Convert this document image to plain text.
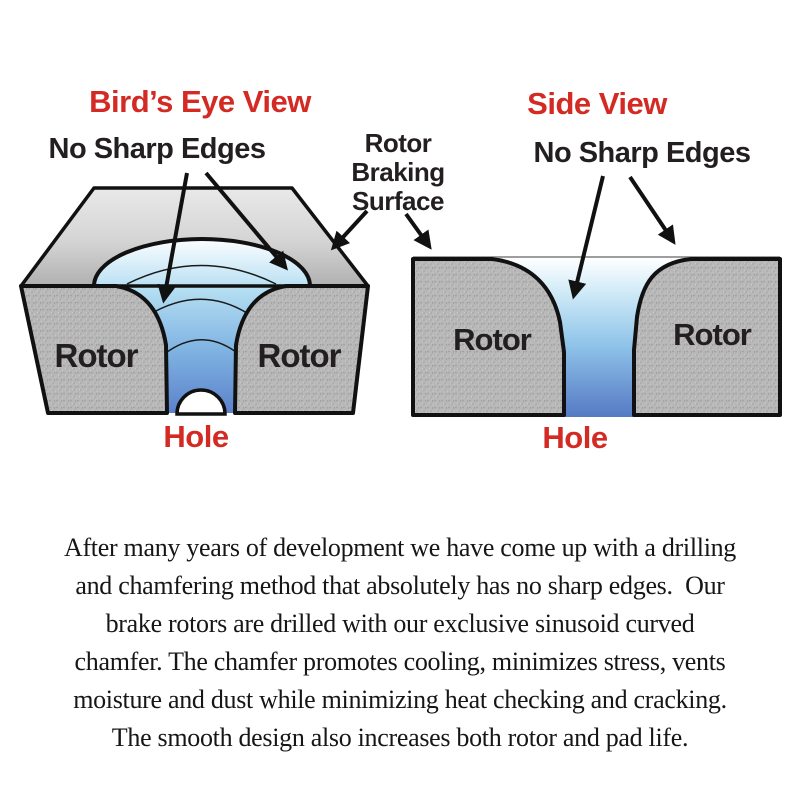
Bird’s Eye View
No Sharp Edges	Rotor
Braking
Surface
Side View
No Sharp Edges
Rotor	Rotor
Hole
Rotor	Rotor
Hole
After many years of development we have come up with a drilling
and chamfering method that absolutely has no sharp edges.  Our
brake rotors are drilled with our exclusive sinusoid curved
chamfer. The chamfer promotes cooling, minimizes stress, vents
moisture and dust while minimizing heat checking and cracking.
The smooth design also increases both rotor and pad life.
